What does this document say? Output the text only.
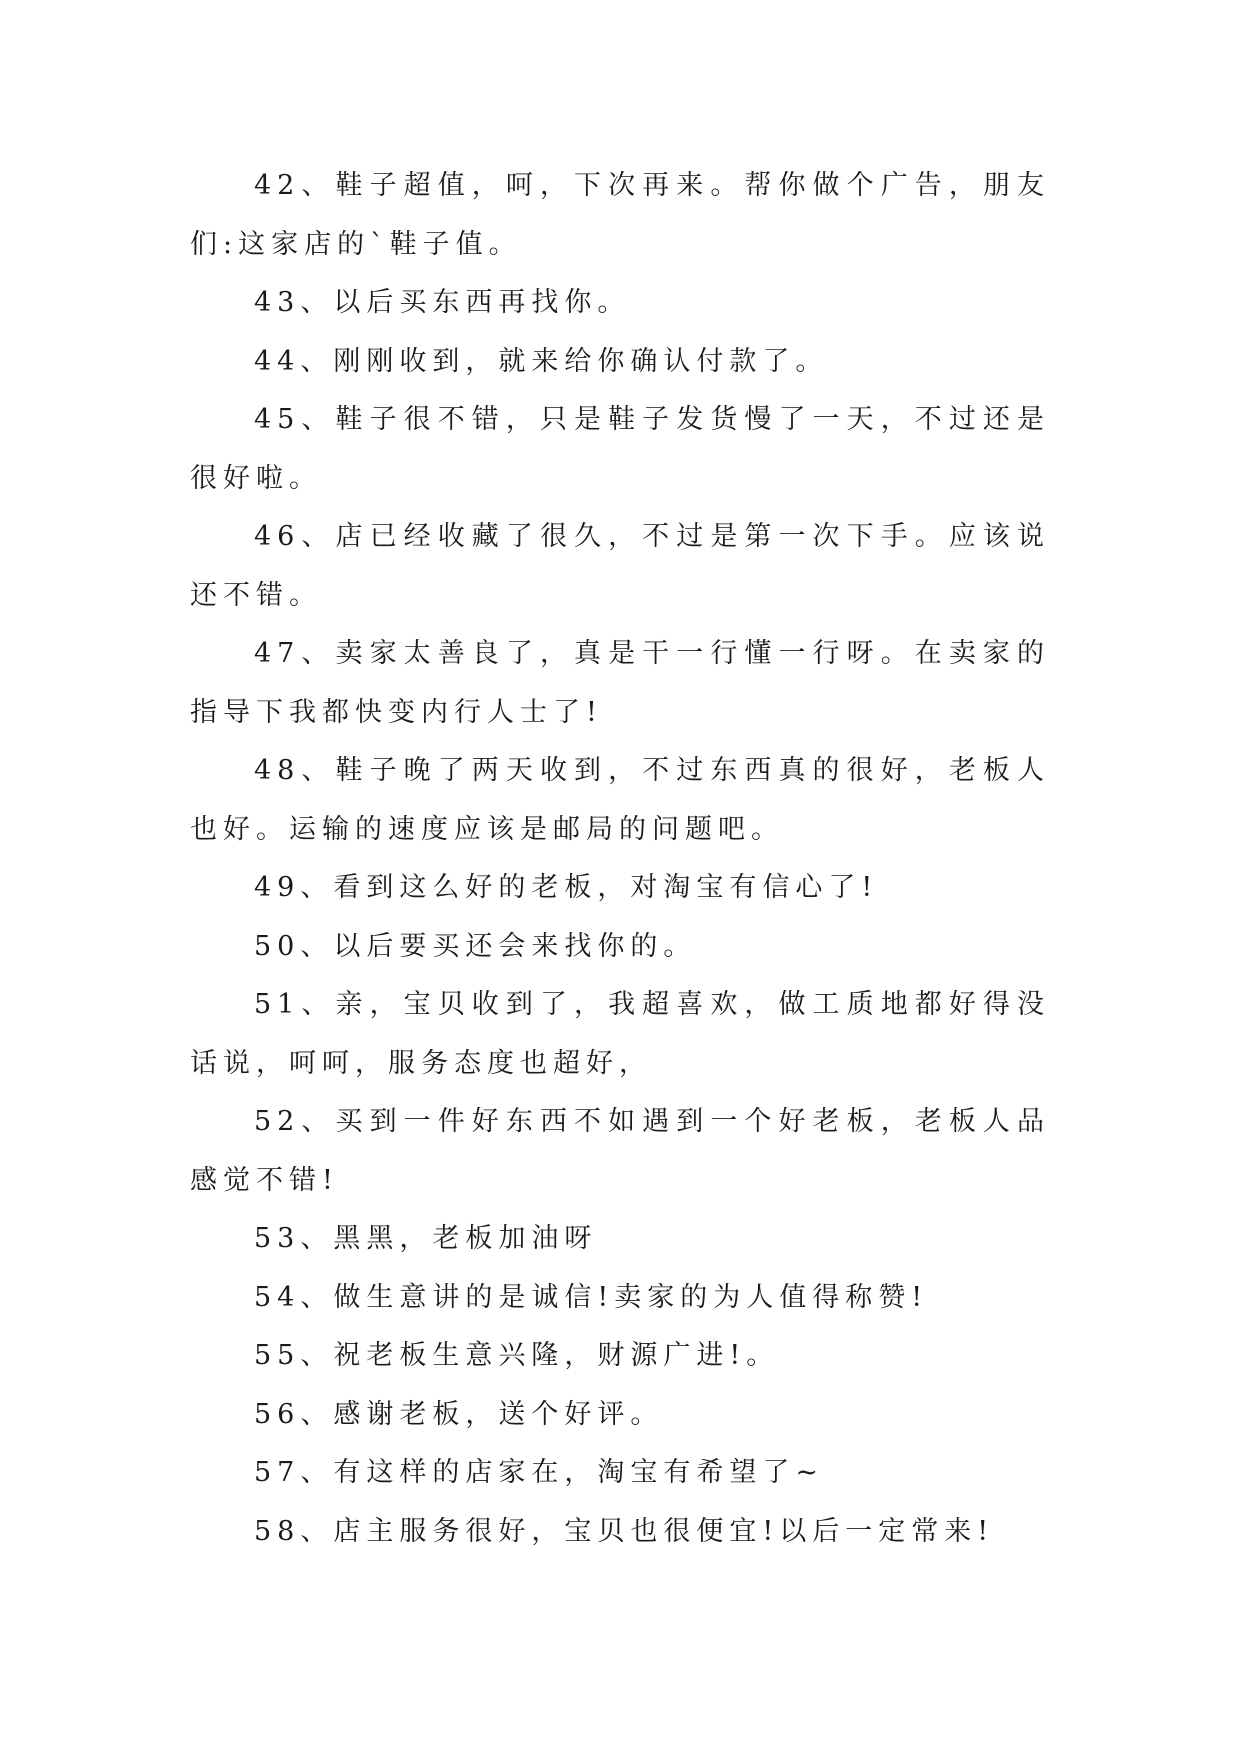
42、鞋子超值，呵，下次再来。帮你做个广告，朋友们:这家店的`鞋子值。

43、以后买东西再找你。

44、刚刚收到，就来给你确认付款了。

45、鞋子很不错，只是鞋子发货慢了一天，不过还是很好啦。

46、店已经收藏了很久，不过是第一次下手。应该说还不错。

47、卖家太善良了，真是干一行懂一行呀。在卖家的指导下我都快变内行人士了!

48、鞋子晚了两天收到，不过东西真的很好，老板人也好。运输的速度应该是邮局的问题吧。

49、看到这么好的老板，对淘宝有信心了!

50、以后要买还会来找你的。

51、亲，宝贝收到了，我超喜欢，做工质地都好得没话说，呵呵，服务态度也超好，

52、买到一件好东西不如遇到一个好老板，老板人品感觉不错!

53、黑黑，老板加油呀

54、做生意讲的是诚信!卖家的为人值得称赞!

55、祝老板生意兴隆，财源广进!。

56、感谢老板，送个好评。

57、有这样的店家在，淘宝有希望了~

58、店主服务很好，宝贝也很便宜!以后一定常来!
